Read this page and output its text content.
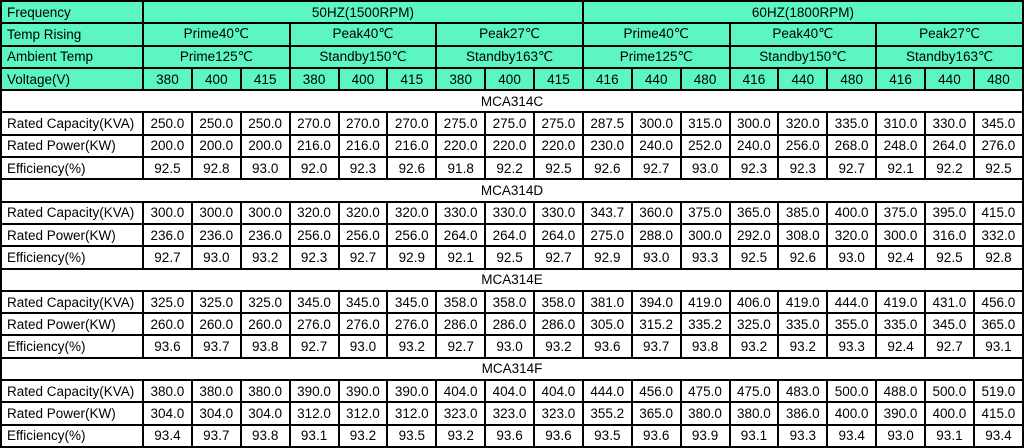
Frequency	50HZ(1500RPM)									60HZ(1800RPM)								
Temp Rising	Prime40℃			Peak40℃			Peak27℃			Prime40℃			Peak40℃			Peak27℃		
Ambient Temp	Prime125℃			Standby150℃			Standby163℃			Prime125℃			Standby150℃			Standby163℃		
Voltage(V)	380	400	415	380	400	415	380	400	415	416	440	480	416	440	480	416	440	480
MCA314C																		
Rated Capacity(KVA)	250.0	250.0	250.0	270.0	270.0	270.0	275.0	275.0	275.0	287.5	300.0	315.0	300.0	320.0	335.0	310.0	330.0	345.0
Rated Power(KW)	200.0	200.0	200.0	216.0	216.0	216.0	220.0	220.0	220.0	230.0	240.0	252.0	240.0	256.0	268.0	248.0	264.0	276.0
Efficiency(%)	92.5	92.8	93.0	92.0	92.3	92.6	91.8	92.2	92.5	92.6	92.7	93.0	92.3	92.3	92.7	92.1	92.2	92.5
MCA314D																		
Rated Capacity(KVA)	300.0	300.0	300.0	320.0	320.0	320.0	330.0	330.0	330.0	343.7	360.0	375.0	365.0	385.0	400.0	375.0	395.0	415.0
Rated Power(KW)	236.0	236.0	236.0	256.0	256.0	256.0	264.0	264.0	264.0	275.0	288.0	300.0	292.0	308.0	320.0	300.0	316.0	332.0
Efficiency(%)	92.7	93.0	93.2	92.3	92.7	92.9	92.1	92.5	92.7	92.9	93.0	93.3	92.5	92.6	93.0	92.4	92.5	92.8
MCA314E																		
Rated Capacity(KVA)	325.0	325.0	325.0	345.0	345.0	345.0	358.0	358.0	358.0	381.0	394.0	419.0	406.0	419.0	444.0	419.0	431.0	456.0
Rated Power(KW)	260.0	260.0	260.0	276.0	276.0	276.0	286.0	286.0	286.0	305.0	315.2	335.2	325.0	335.0	355.0	335.0	345.0	365.0
Efficiency(%)	93.6	93.7	93.8	92.7	93.0	93.2	92.7	93.0	93.2	93.6	93.7	93.8	93.2	93.2	93.3	92.4	92.7	93.1
MCA314F																		
Rated Capacity(KVA)	380.0	380.0	380.0	390.0	390.0	390.0	404.0	404.0	404.0	444.0	456.0	475.0	475.0	483.0	500.0	488.0	500.0	519.0
Rated Power(KW)	304.0	304.0	304.0	312.0	312.0	312.0	323.0	323.0	323.0	355.2	365.0	380.0	380.0	386.0	400.0	390.0	400.0	415.0
Efficiency(%)	93.4	93.7	93.8	93.1	93.2	93.5	93.2	93.6	93.6	93.5	93.6	93.9	93.1	93.3	93.4	93.0	93.1	93.4
